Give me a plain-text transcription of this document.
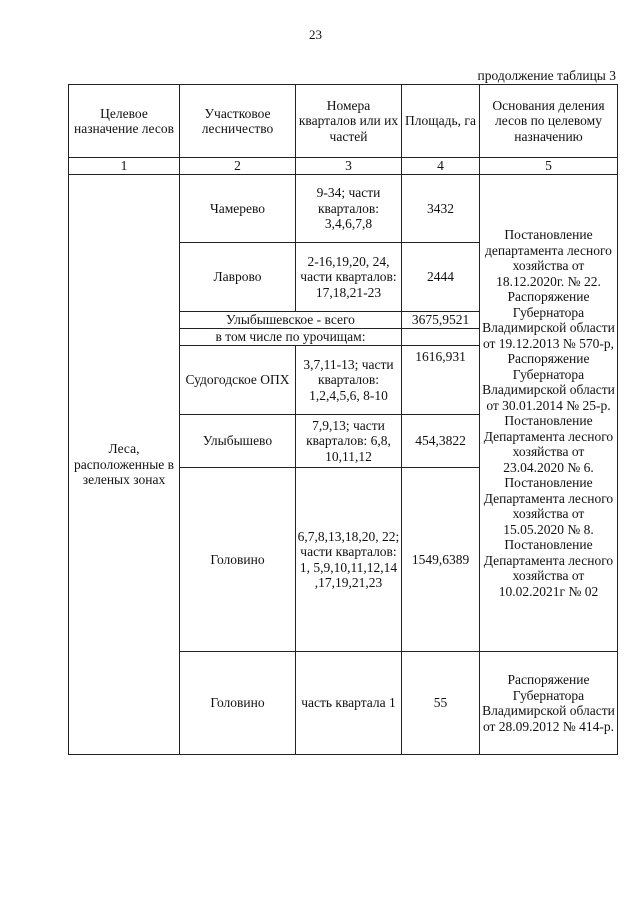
23
продолжение таблицы 3
Целевое назначение лесов	Участковое лесничество	Номера кварталов или их частей	Площадь, га	Основания деления лесов по целевому назначению
1	2	3	4	5
Леса, расположенные в зеленых зонах	Чамерево	9-34; части кварталов: 3,4,6,7,8	3432	Постановление департамента лесного хозяйства от 18.12.2020г. № 22. Распоряжение Губернатора Владимирской области от 19.12.2013 № 570-р, Распоряжение Губернатора Владимирской области от 30.01.2014 № 25-р. Постановление Департамента лесного хозяйства от 23.04.2020 № 6. Постановление Департамента лесного хозяйства от 15.05.2020 № 8. Постановление Департамента лесного хозяйства от 10.02.2021г № 02
	Лаврово	2-16,19,20, 24, части кварталов: 17,18,21-23	2444	
	Улыбышевское - всего		3675,9521	
	в том числе по урочищам:			
	Судогодское ОПХ	3,7,11-13; части кварталов: 1,2,4,5,6, 8-10	1616,931	
	Улыбышево	7,9,13; части кварталов: 6,8, 10,11,12	454,3822	
	Головино	6,7,8,13,18,20, 22; части кварталов: 1, 5,9,10,11,12,14 ,17,19,21,23	1549,6389	
	Головино	часть квартала 1	55	Распоряжение Губернатора Владимирской области от 28.09.2012 № 414-р.
